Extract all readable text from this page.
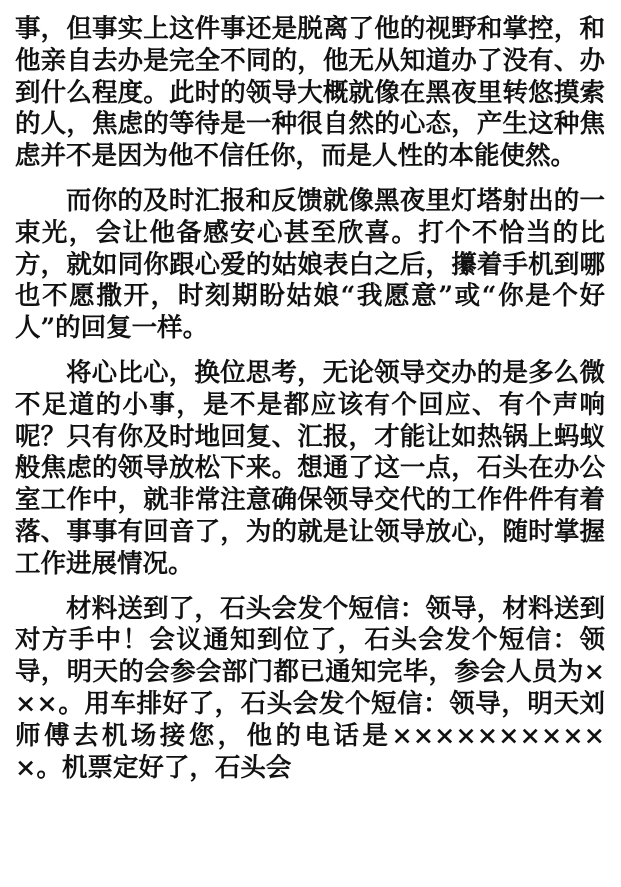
事，但事实上这件事还是脱离了他的视野和掌控，和他亲自去办是完全不同的，他无从知道办了没有、办到什么程度。此时的领导大概就像在黑夜里转悠摸索的人，焦虑的等待是一种很自然的心态，产生这种焦虑并不是因为他不信任你，而是人性的本能使然。

而你的及时汇报和反馈就像黑夜里灯塔射出的一束光，会让他备感安心甚至欣喜。打个不恰当的比方，就如同你跟心爱的姑娘表白之后，攥着手机到哪也不愿撒开，时刻期盼姑娘“我愿意”或“你是个好人”的回复一样。

将心比心，换位思考，无论领导交办的是多么微不足道的小事，是不是都应该有个回应、有个声响呢？只有你及时地回复、汇报，才能让如热锅上蚂蚁般焦虑的领导放松下来。想通了这一点，石头在办公室工作中，就非常注意确保领导交代的工作件件有着落、事事有回音了，为的就是让领导放心，随时掌握工作进展情况。

材料送到了，石头会发个短信：领导，材料送到对方手中！会议通知到位了，石头会发个短信：领导，明天的会参会部门都已通知完毕，参会人员为×××。用车排好了，石头会发个短信：领导，明天刘师傅去机场接您，他的电话是×××××××××××。机票定好了，石头会
